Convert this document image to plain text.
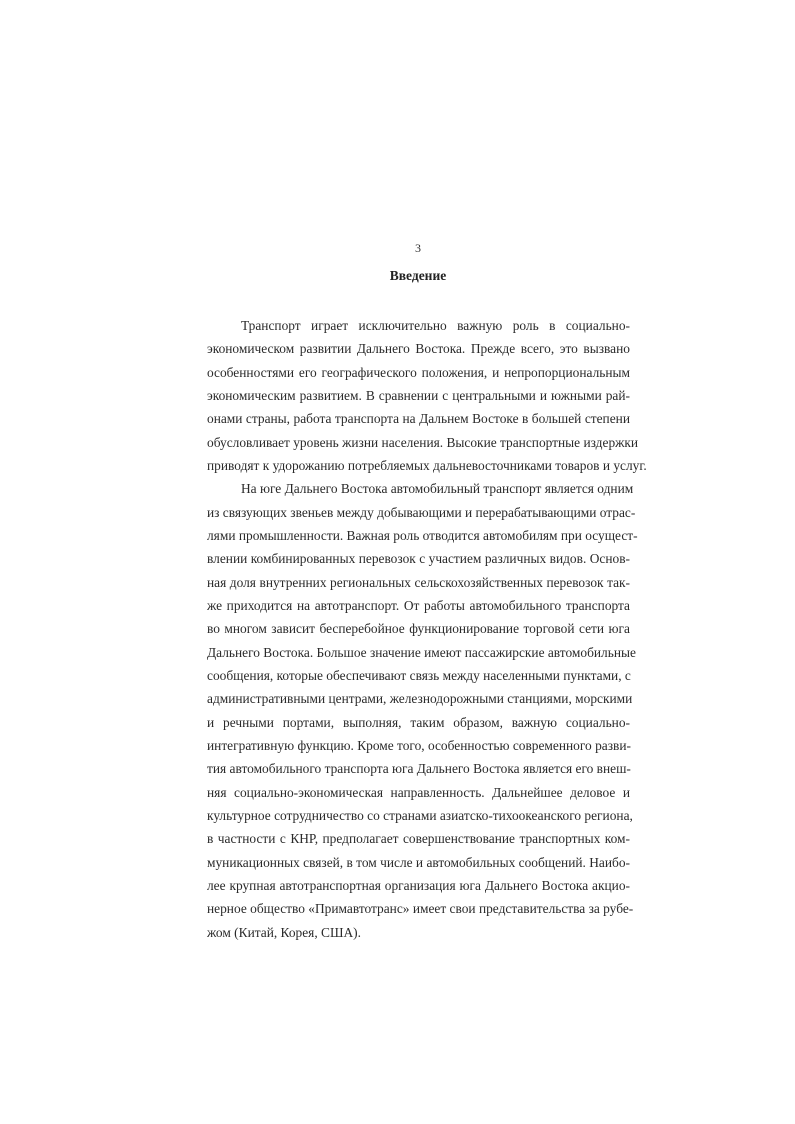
3
Введение
Транспорт играет исключительно важную роль в социально-
экономическом развитии Дальнего Востока. Прежде всего, это вызвано
особенностями его географического положения, и непропорциональным
экономическим развитием. В сравнении с центральными и южными рай-
онами страны, работа транспорта на Дальнем Востоке в большей степени
обусловливает уровень жизни населения. Высокие транспортные издержки
приводят к удорожанию потребляемых дальневосточниками товаров и услуг.
На юге Дальнего Востока автомобильный транспорт является одним
из связующих звеньев между добывающими и перерабатывающими отрас-
лями промышленности. Важная роль отводится автомобилям при осущест-
влении комбинированных перевозок с участием различных видов. Основ-
ная доля внутренних региональных сельскохозяйственных перевозок так-
же приходится на автотранспорт. От работы автомобильного транспорта
во многом зависит бесперебойное функционирование торговой сети юга
Дальнего Востока. Большое значение имеют пассажирские автомобильные
сообщения, которые обеспечивают связь между населенными пунктами, с
административными центрами, железнодорожными станциями, морскими
и речными портами, выполняя, таким образом, важную социально-
интегративную функцию. Кроме того, особенностью современного разви-
тия автомобильного транспорта юга Дальнего Востока является его внеш-
няя социально-экономическая направленность. Дальнейшее деловое и
культурное сотрудничество со странами азиатско-тихоокеанского региона,
в частности с КНР, предполагает совершенствование транспортных ком-
муникационных связей, в том числе и автомобильных сообщений. Наибо-
лее крупная автотранспортная организация юга Дальнего Востока акцио-
нерное общество «Примавтотранс» имеет свои представительства за рубе-
жом (Китай, Корея, США).
